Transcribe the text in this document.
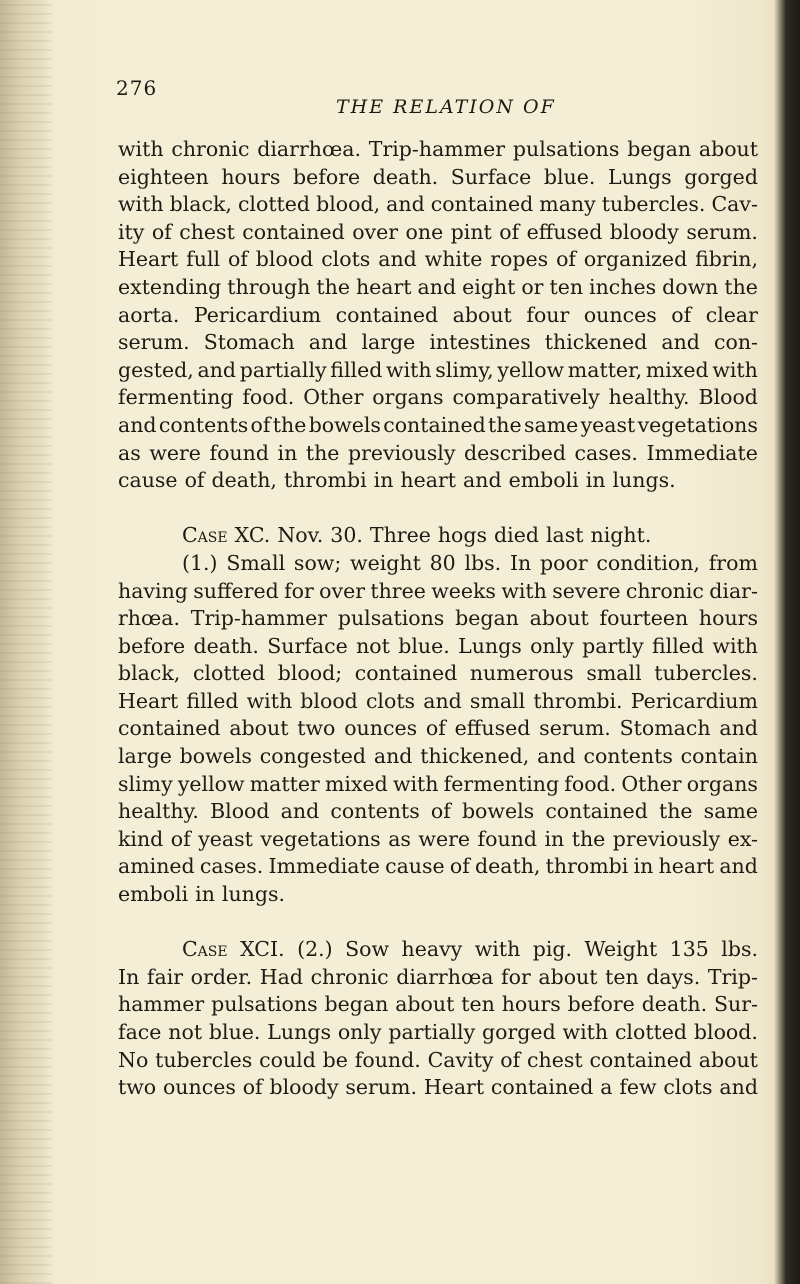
276
THE RELATION OF
with chronic diarrhœa. Trip-hammer pulsations began about
eighteen hours before death. Surface blue. Lungs gorged
with black, clotted blood, and contained many tubercles. Cav-
ity of chest contained over one pint of effused bloody serum.
Heart full of blood clots and white ropes of organized fibrin,
extending through the heart and eight or ten inches down the
aorta. Pericardium contained about four ounces of clear
serum. Stomach and large intestines thickened and con-
gested, and partially filled with slimy, yellow matter, mixed with
fermenting food. Other organs comparatively healthy. Blood
and contents of the bowels contained the same yeast vegetations
as were found in the previously described cases. Immediate
cause of death, thrombi in heart and emboli in lungs.
Case XC. Nov. 30. Three hogs died last night.
(1.) Small sow; weight 80 lbs. In poor condition, from
having suffered for over three weeks with severe chronic diar-
rhœa. Trip-hammer pulsations began about fourteen hours
before death. Surface not blue. Lungs only partly filled with
black, clotted blood; contained numerous small tubercles.
Heart filled with blood clots and small thrombi. Pericardium
contained about two ounces of effused serum. Stomach and
large bowels congested and thickened, and contents contain
slimy yellow matter mixed with fermenting food. Other organs
healthy. Blood and contents of bowels contained the same
kind of yeast vegetations as were found in the previously ex-
amined cases. Immediate cause of death, thrombi in heart and
emboli in lungs.
Case XCI. (2.) Sow heavy with pig. Weight 135 lbs.
In fair order. Had chronic diarrhœa for about ten days. Trip-
hammer pulsations began about ten hours before death. Sur-
face not blue. Lungs only partially gorged with clotted blood.
No tubercles could be found. Cavity of chest contained about
two ounces of bloody serum. Heart contained a few clots and
